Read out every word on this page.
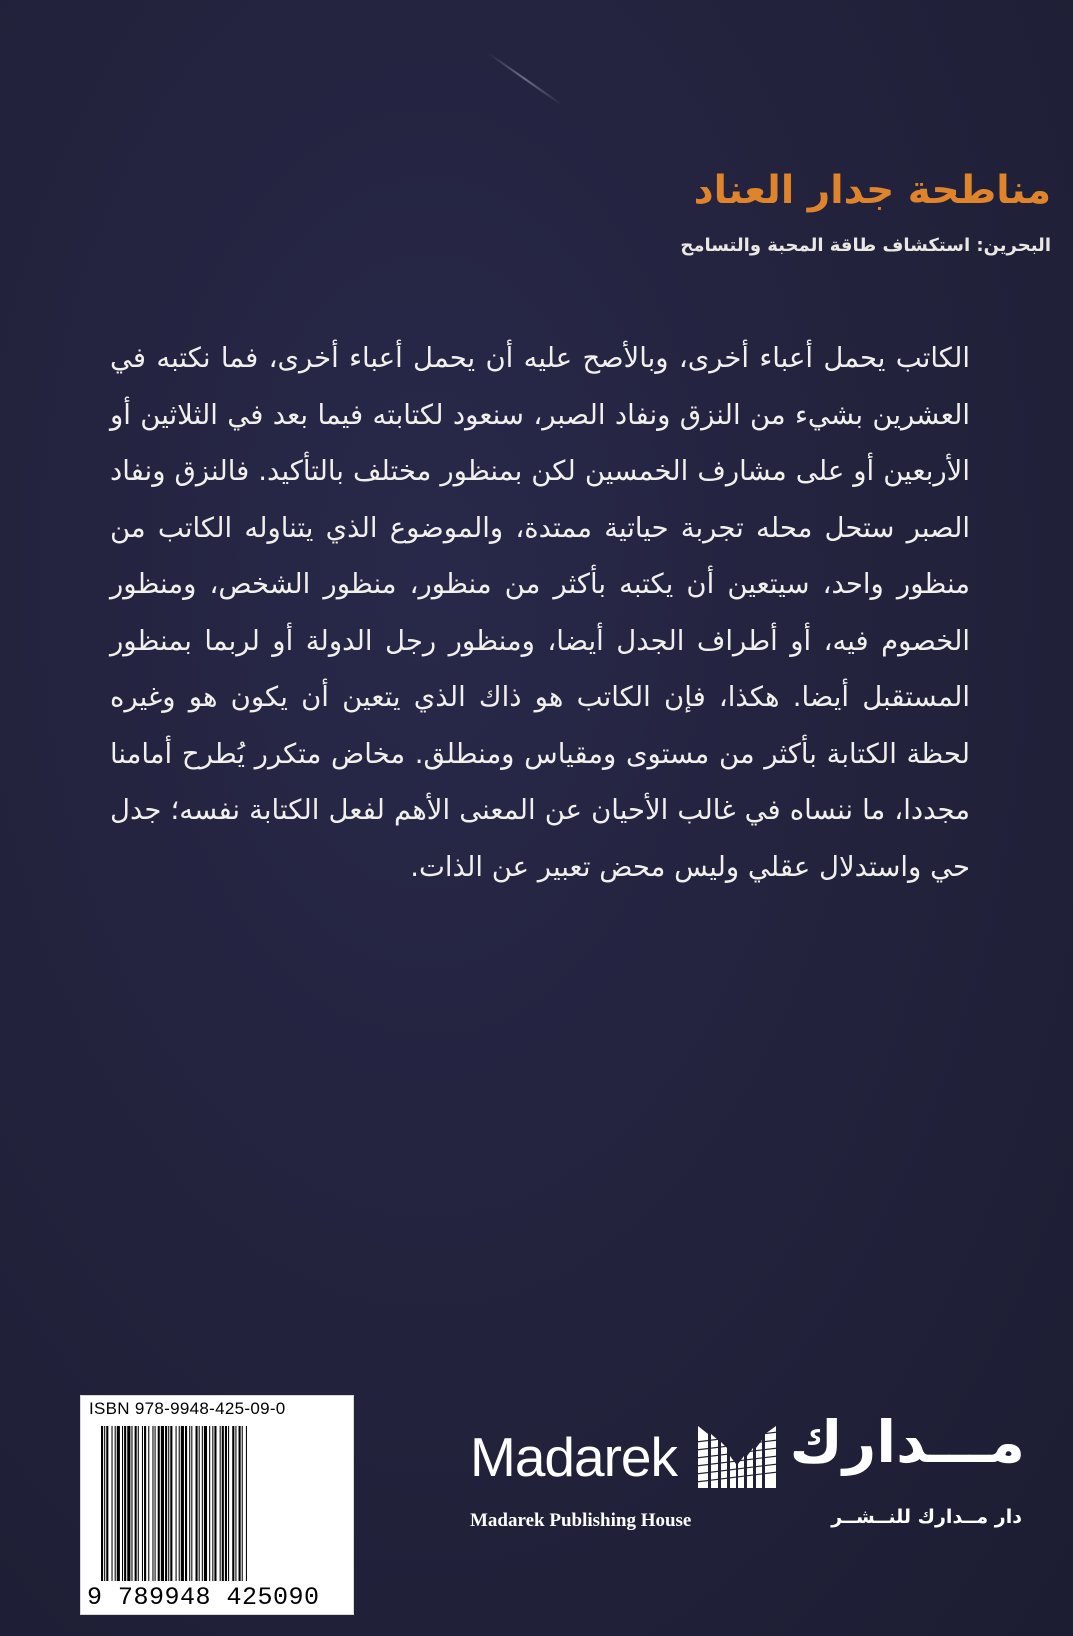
مناطحة جدار العناد
البحرين: استكشاف طاقة المحبة والتسامح
الكاتب يحمل أعباء أخرى، وبالأصح عليه أن يحمل أعباء أخرى، فما نكتبه في العشرين بشيء من النزق ونفاد الصبر، سنعود لكتابته فيما بعد في الثلاثين أو الأربعين أو على مشارف الخمسين لكن بمنظور مختلف بالتأكيد. فالنزق ونفاد الصبر ستحل محله تجربة حياتية ممتدة، والموضوع الذي يتناوله الكاتب من منظور واحد، سيتعين أن يكتبه بأكثر من منظور، منظور الشخص، ومنظور الخصوم فيه، أو أطراف الجدل أيضا، ومنظور رجل الدولة أو لربما بمنظور المستقبل أيضا. هكذا، فإن الكاتب هو ذاك الذي يتعين أن يكون هو وغيره لحظة الكتابة بأكثر من مستوى ومقياس ومنطلق. مخاض متكرر يُطرح أمامنا مجددا، ما ننساه في غالب الأحيان عن المعنى الأهم لفعل الكتابة نفسه؛ جدل حي واستدلال عقلي وليس محض تعبير عن الذات.
ISBN 978-9948-425-09-0
9 789948 425090
Madarek مـــدارك
Madarek Publishing House	دار مــدارك للنــشــر
